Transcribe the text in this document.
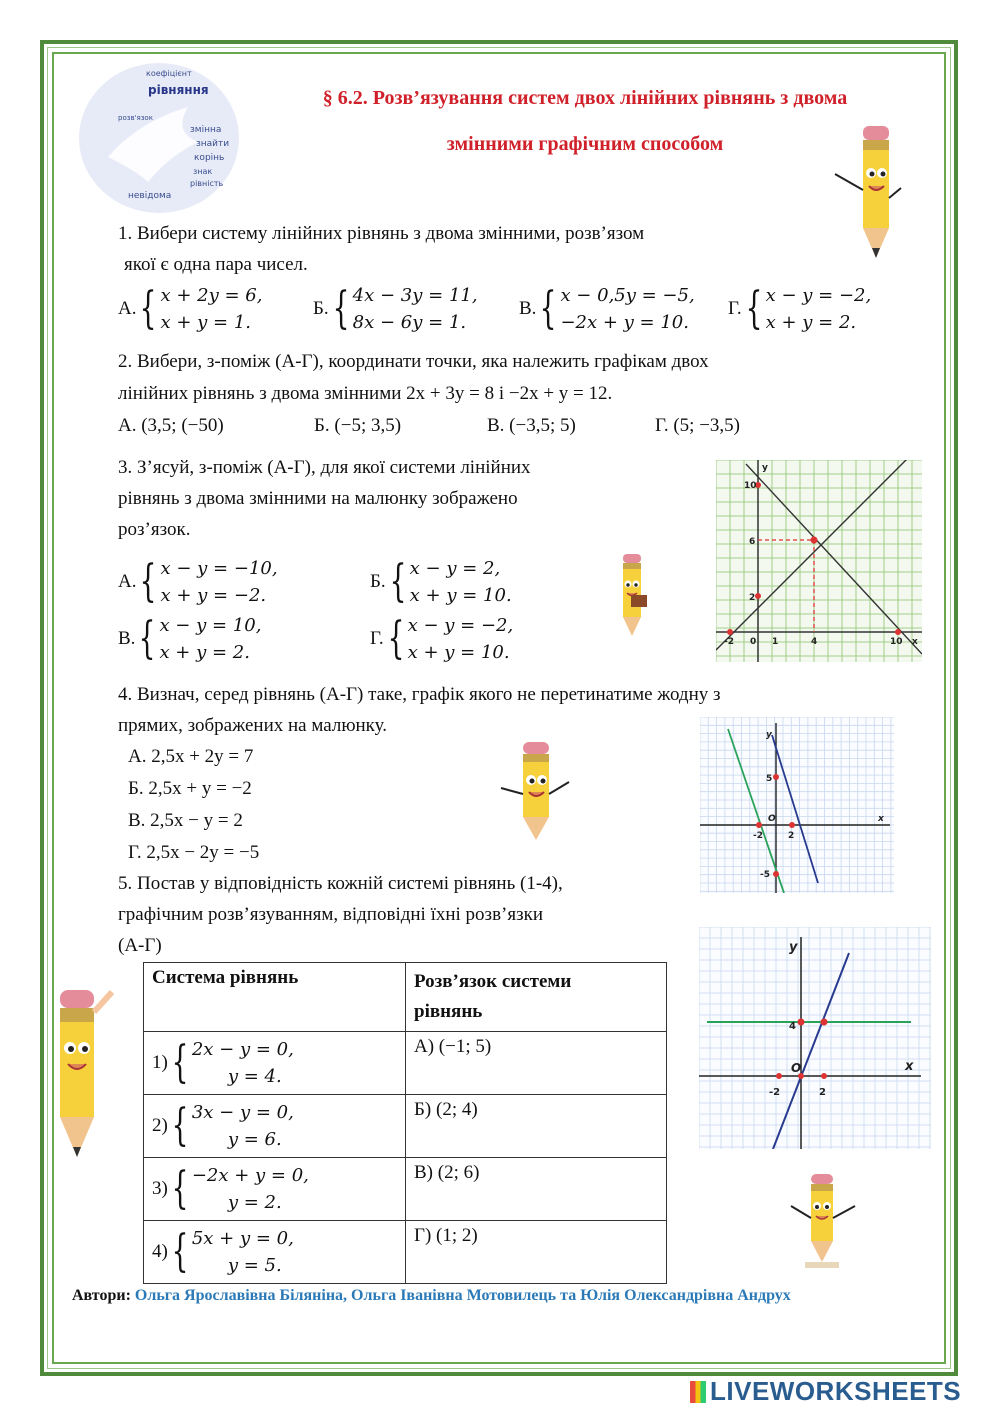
коефіцієнт
рівняння
змінна
знайти
корінь
знак
рівність
невідома
розв'язок
§ 6.2. Розв’язування систем двох лінійних рівнянь з двома
змінними графічним способом
1. Вибери систему лінійних рівнянь з двома змінними, розв’язом
якої є одна пара чисел.
А. { x + 2y = 6,
x + y = 1.
Б. { 4x − 3y = 11,
8x − 6y = 1.
В. { x − 0,5y = −5,
−2x + y = 10.
Г. { x − y = −2,
x + y = 2.
2. Вибери, з-поміж (А-Г), координати точки, яка належить графікам двох
лінійних рівнянь з двома змінними 2x + 3y = 8 і −2x + y = 12.
А. (3,5; (−50)	Б. (−5; 3,5)	В. (−3,5; 5)	Г. (5; −3,5)
3. З’ясуй, з-поміж (А-Г), для якої системи лінійних
рівнянь з двома змінними на малюнку зображено
роз’язок.
А. { x − y = −10,
x + y = −2.
Б. { x − y = 2,
x + y = 10.
В. { x − y = 10,
x + y = 2.
Г. { x − y = −2,
x + y = 10.	-2 0 1	4	10 x
10
6
2
y
4. Визнач, серед рівнянь (А-Г) таке, графік якого не перетинатиме жодну з
прямих, зображених на малюнку.
А. 2,5x + 2y = 7
Б. 2,5x + y = −2
В. 2,5x − y = 2
Г. 2,5x − 2y = −5
-2	2
x
5
-5
y
O
5. Постав у відповідність кожній системі рівнянь (1-4),
графічним розв’язуванням, відповідні їхні розв’язки
(А-Г)
Система рівнянь	Розв’язок системи
рівнянь

1) { 2x − y = 0,
y = 4.	А) (−1; 5)

2) { 3x − y = 0,
y = 6.	Б) (2; 4)

3) { −2x + y = 0,
y = 2.	В) (2; 6)

4) { 5x + y = 0,
y = 5.	Г) (1; 2)
-2	2
x
4
y
O
Автори: Ольга Ярославівна Біляніна, Ольга Іванівна Мотовилець та Юлія Олександрівна Андрух
LIVEWORKSHEETS
